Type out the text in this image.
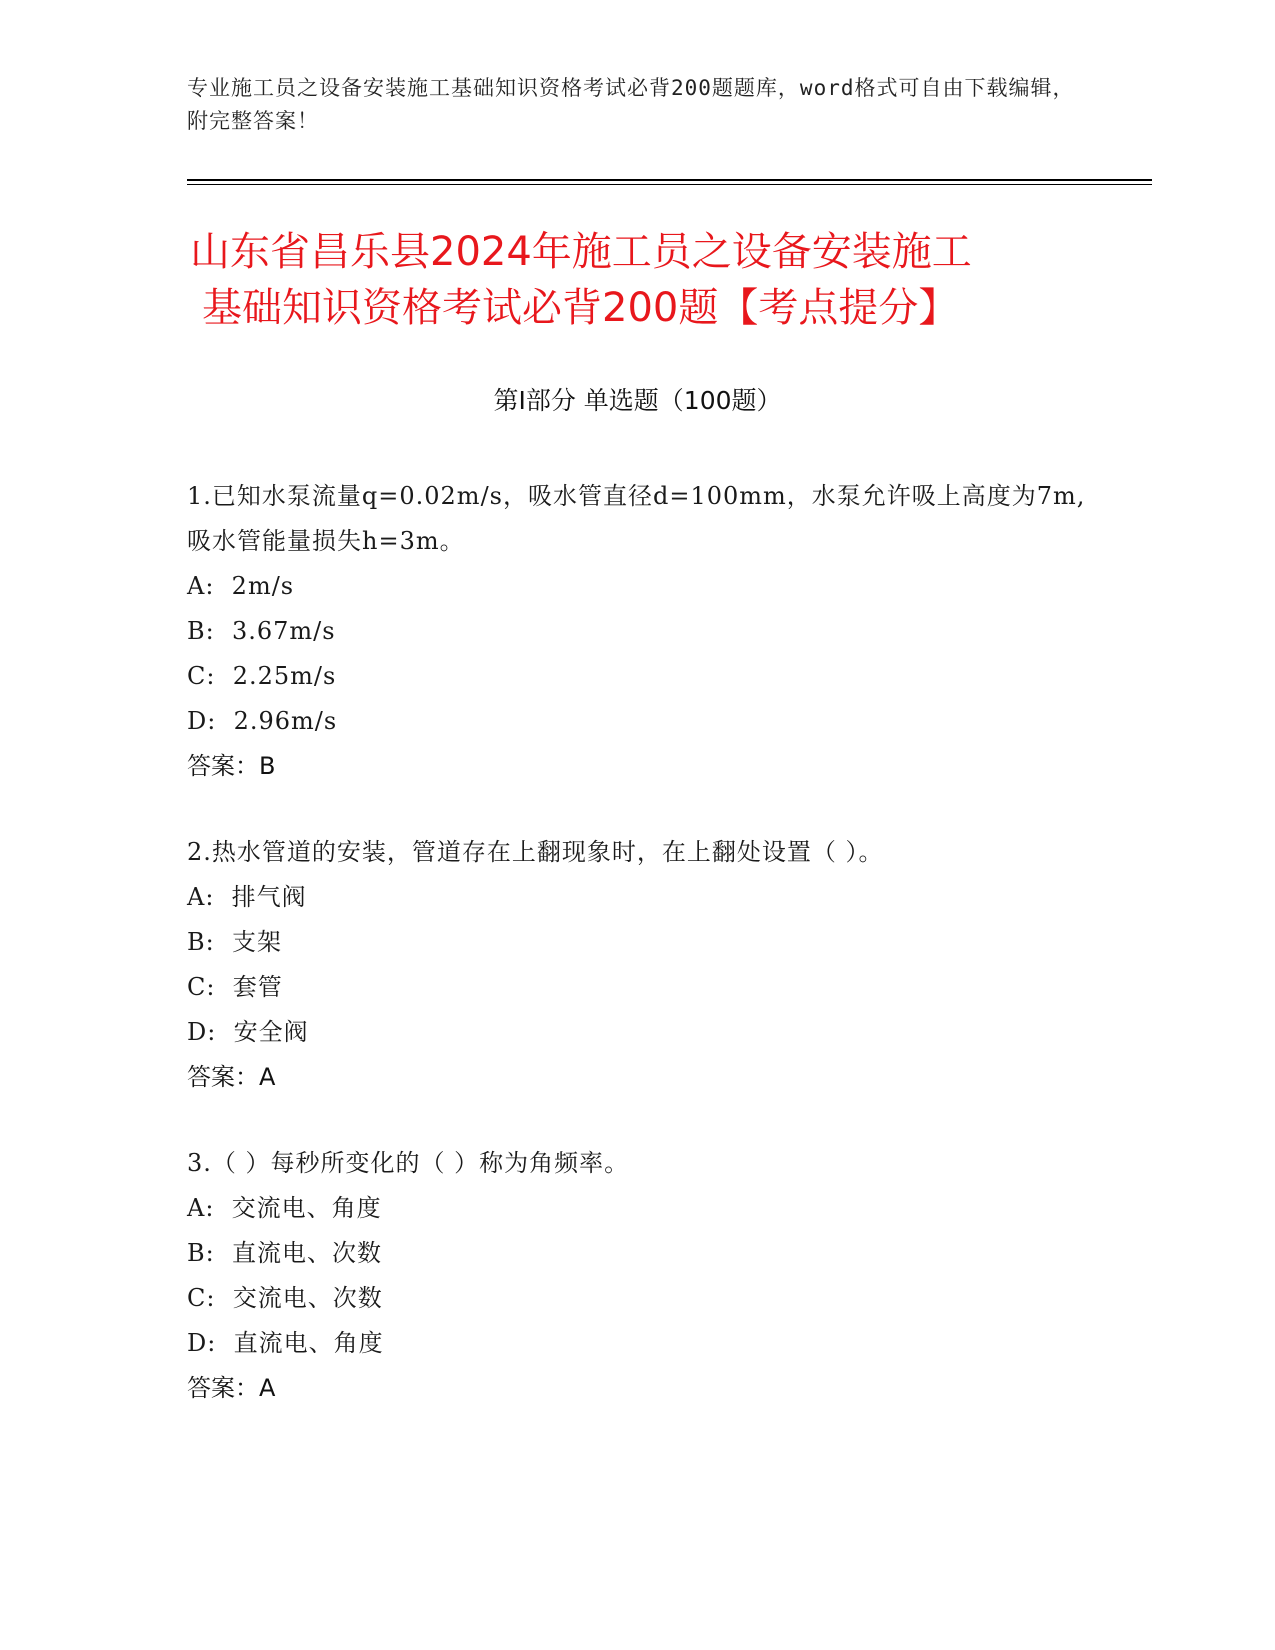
专业施工员之设备安装施工基础知识资格考试必背200题题库，word格式可自由下载编辑，附完整答案！
山东省昌乐县2024年施工员之设备安装施工
基础知识资格考试必背200题【考点提分】
第I部分 单选题（100题）
1.已知水泵流量q=0.02m/s，吸水管直径d=100mm，水泵允许吸上高度为7m,吸水管能量损失h=3m。
A:  2m/s
B:  3.67m/s
C:  2.25m/s
D:  2.96m/s
答案：B
2.热水管道的安装，管道存在上翻现象时，在上翻处设置（ ）。
A:  排气阀
B:  支架
C:  套管
D:  安全阀
答案：A
3.（ ）每秒所变化的（ ）称为角频率。
A:  交流电、角度
B:  直流电、次数
C:  交流电、次数
D:  直流电、角度
答案：A
